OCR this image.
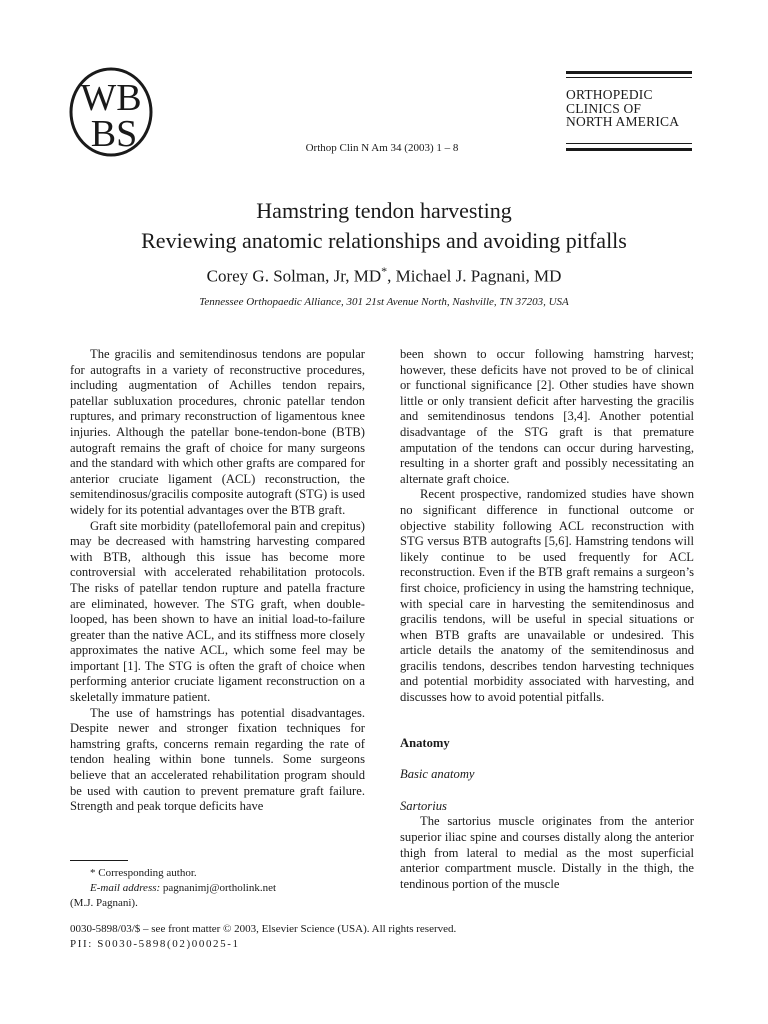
WB
BS
ORTHOPEDIC
CLINICS OF
NORTH AMERICA
Orthop Clin N Am 34 (2003) 1 – 8
Hamstring tendon harvesting
Reviewing anatomic relationships and avoiding pitfalls
Corey G. Solman, Jr, MD*, Michael J. Pagnani, MD
Tennessee Orthopaedic Alliance, 301 21st Avenue North, Nashville, TN 37203, USA

The gracilis and semitendinosus tendons are popular for autografts in a variety of reconstructive procedures, including augmentation of Achilles tendon repairs, patellar subluxation procedures, chronic patellar tendon ruptures, and primary reconstruction of ligamentous knee injuries. Although the patellar bone-tendon-bone (BTB) autograft remains the graft of choice for many surgeons and the standard with which other grafts are compared for anterior cruciate ligament (ACL) reconstruction, the semitendinosus/gracilis composite autograft (STG) is used widely for its potential advantages over the BTB graft.

Graft site morbidity (patellofemoral pain and crepitus) may be decreased with hamstring harvesting compared with BTB, although this issue has become more controversial with accelerated rehabilitation protocols. The risks of patellar tendon rupture and patella fracture are eliminated, however. The STG graft, when double-looped, has been shown to have an initial load-to-failure greater than the native ACL, and its stiffness more closely approximates the native ACL, which some feel may be important [1]. The STG is often the graft of choice when performing anterior cruciate ligament reconstruction on a skeletally immature patient.

The use of hamstrings has potential disadvantages. Despite newer and stronger fixation techniques for hamstring grafts, concerns remain regarding the rate of tendon healing within bone tunnels. Some surgeons believe that an accelerated rehabilitation program should be used with caution to prevent premature graft failure. Strength and peak torque deficits have

been shown to occur following hamstring harvest; however, these deficits have not proved to be of clinical or functional significance [2]. Other studies have shown little or only transient deficit after harvesting the gracilis and semitendinosus tendons [3,4]. Another potential disadvantage of the STG graft is that premature amputation of the tendons can occur during harvesting, resulting in a shorter graft and possibly necessitating an alternate graft choice.

Recent prospective, randomized studies have shown no significant difference in functional outcome or objective stability following ACL reconstruction with STG versus BTB autografts [5,6]. Hamstring tendons will likely continue to be used frequently for ACL reconstruction. Even if the BTB graft remains a surgeon’s first choice, proficiency in using the hamstring technique, with special care in harvesting the semitendinosus and gracilis tendons, will be useful in special situations or when BTB grafts are unavailable or undesired. This article details the anatomy of the semitendinosus and gracilis tendons, describes tendon harvesting techniques and potential morbidity associated with harvesting, and discusses how to avoid potential pitfalls.

Anatomy

Basic anatomy

Sartorius

The sartorius muscle originates from the anterior superior iliac spine and courses distally along the anterior thigh from lateral to medial as the most superficial anterior compartment muscle. Distally in the thigh, the tendinous portion of the muscle

* Corresponding author.
E-mail address: pagnanimj@ortholink.net
(M.J. Pagnani).
0030-5898/03/$ – see front matter © 2003, Elsevier Science (USA). All rights reserved.
PII: S0030-5898(02)00025-1
